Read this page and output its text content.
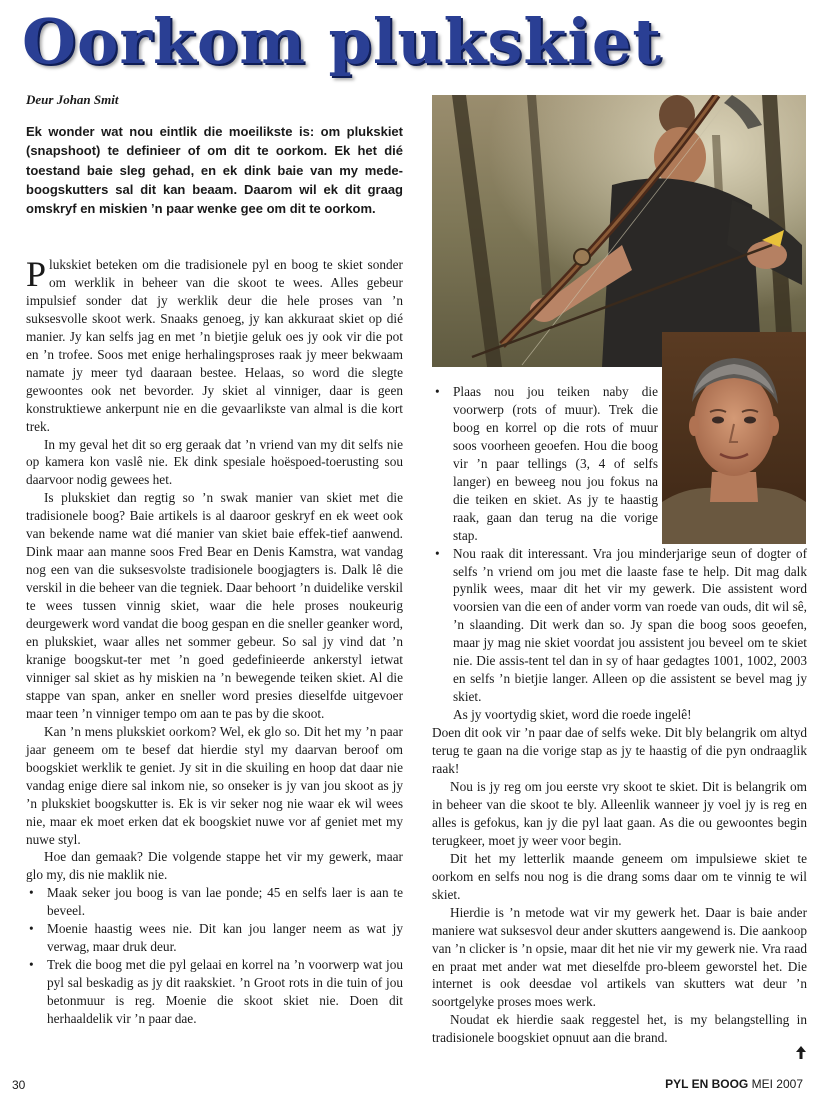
Oorkom plukskiet
Deur Johan Smit

Ek wonder wat nou eintlik die moeilikste is: om plukskiet (snapshoot) te definieer of om dit te oorkom. Ek het dié toestand baie sleg gehad, en ek dink baie van my mede-boogskutters sal dit kan beaam. Daarom wil ek dit graag omskryf en miskien ’n paar wenke gee om dit te oorkom.

Plukskiet beteken om die tradisionele pyl en boog te skiet sonder om werklik in beheer van die skoot te wees. Alles gebeur impulsief sonder dat jy werklik deur die hele proses van ’n suksesvolle skoot werk. Snaaks genoeg, jy kan akkuraat skiet op dié manier. Jy kan selfs jag en met ’n bietjie geluk oes jy ook vir die pot en ’n trofee. Soos met enige herhalingsproses raak jy meer bekwaam namate jy meer tyd daaraan bestee. Helaas, so word die slegte gewoontes ook net bevorder. Jy skiet al vinniger, daar is geen konstruktiewe ankerpunt nie en die gevaarlikste van almal is die kort trek.

In my geval het dit so erg geraak dat ’n vriend van my dit selfs nie op kamera kon vaslê nie. Ek dink spesiale hoëspoed-toerusting sou daarvoor nodig gewees het.

Is plukskiet dan regtig so ’n swak manier van skiet met die tradisionele boog? Baie artikels is al daaroor geskryf en ek weet ook van bekende name wat dié manier van skiet baie effek-tief aanwend. Dink maar aan manne soos Fred Bear en Denis Kamstra, wat vandag nog een van die suksesvolste tradisionele boogjagters is. Dalk lê die verskil in die beheer van die tegniek. Daar behoort ’n duidelike verskil te wees tussen vinnig skiet, waar die hele proses noukeurig deurgewerk word vandat die boog gespan en die sneller geanker word, en plukskiet, waar alles net sommer gebeur. So sal jy vind dat ’n kranige boogskut-ter met ’n goed gedefinieerde ankerstyl ietwat vinniger sal skiet as hy miskien na ’n bewegende teiken skiet. Al die stappe van span, anker en sneller word presies dieselfde uitgevoer maar teen ’n vinniger tempo om aan te pas by die skoot.

Kan ’n mens plukskiet oorkom? Wel, ek glo so. Dit het my ’n paar jaar geneem om te besef dat hierdie styl my daarvan beroof om boogskiet werklik te geniet. Jy sit in die skuiling en hoop dat daar nie vandag enige diere sal inkom nie, so onseker is jy van jou skoot as jy ’n plukskiet boogskutter is. Ek is vir seker nog nie waar ek wil wees nie, maar ek moet erken dat ek boogskiet nuwe vor af geniet met my nuwe styl.

Hoe dan gemaak? Die volgende stappe het vir my gewerk, maar glo my, dis nie maklik nie.

• Maak seker jou boog is van lae ponde; 45 en selfs laer is aan te beveel.
• Moenie haastig wees nie. Dit kan jou langer neem as wat jy verwag, maar druk deur.
• Trek die boog met die pyl gelaai en korrel na ’n voorwerp wat jou pyl sal beskadig as jy dit raakskiet. ’n Groot rots in die tuin of jou betonmuur is reg. Moenie die skoot skiet nie. Doen dit herhaaldelik vir ’n paar dae.
• Plaas nou jou teiken naby die voorwerp (rots of muur). Trek die boog en korrel op die rots of muur soos voorheen geoefen. Hou die boog vir ’n paar tellings (3, 4 of selfs langer) en beweeg nou jou fokus na die teiken en skiet. As jy te haastig raak, gaan dan terug na die vorige stap.
• Nou raak dit interessant. Vra jou minderjarige seun of dogter of selfs ’n vriend om jou met die laaste fase te help. Dit mag dalk pynlik wees, maar dit het vir my gewerk. Die assistent word voorsien van die een of ander vorm van roede van ouds, dit wil sê, ’n slaanding. Dit werk dan so. Jy span die boog soos geoefen, maar jy mag nie skiet voordat jou assistent jou beveel om te skiet nie. Die assis-tent tel dan in sy of haar gedagtes 1001, 1002, 2003 en selfs ’n bietjie langer. Alleen op die assistent se bevel mag jy skiet.

As jy voortydig skiet, word die roede ingelê!

Doen dit ook vir ’n paar dae of selfs weke. Dit bly belangrik om altyd terug te gaan na die vorige stap as jy te haastig of die pyn ondraaglik raak!

Nou is jy reg om jou eerste vry skoot te skiet. Dit is belangrik om in beheer van die skoot te bly. Alleenlik wanneer jy voel jy is reg en alles is gefokus, kan jy die pyl laat gaan. As die ou gewoontes begin terugkeer, moet jy weer voor begin.

Dit het my letterlik maande geneem om impulsiewe skiet te oorkom en selfs nou nog is die drang soms daar om te vinnig te wil skiet.

Hierdie is ’n metode wat vir my gewerk het. Daar is baie ander maniere wat suksesvol deur ander skutters aangewend is. Die aankoop van ’n clicker is ’n opsie, maar dit het nie vir my gewerk nie. Vra raad en praat met ander wat met dieselfde pro-bleem geworstel het. Die internet is ook deesdae vol artikels van skutters wat deur ’n soortgelyke proses moes werk.

Noudat ek hierdie saak reggestel het, is my belangstelling in tradisionele boogskiet opnuut aan die brand.

30	PYL EN BOOG MEI 2007
